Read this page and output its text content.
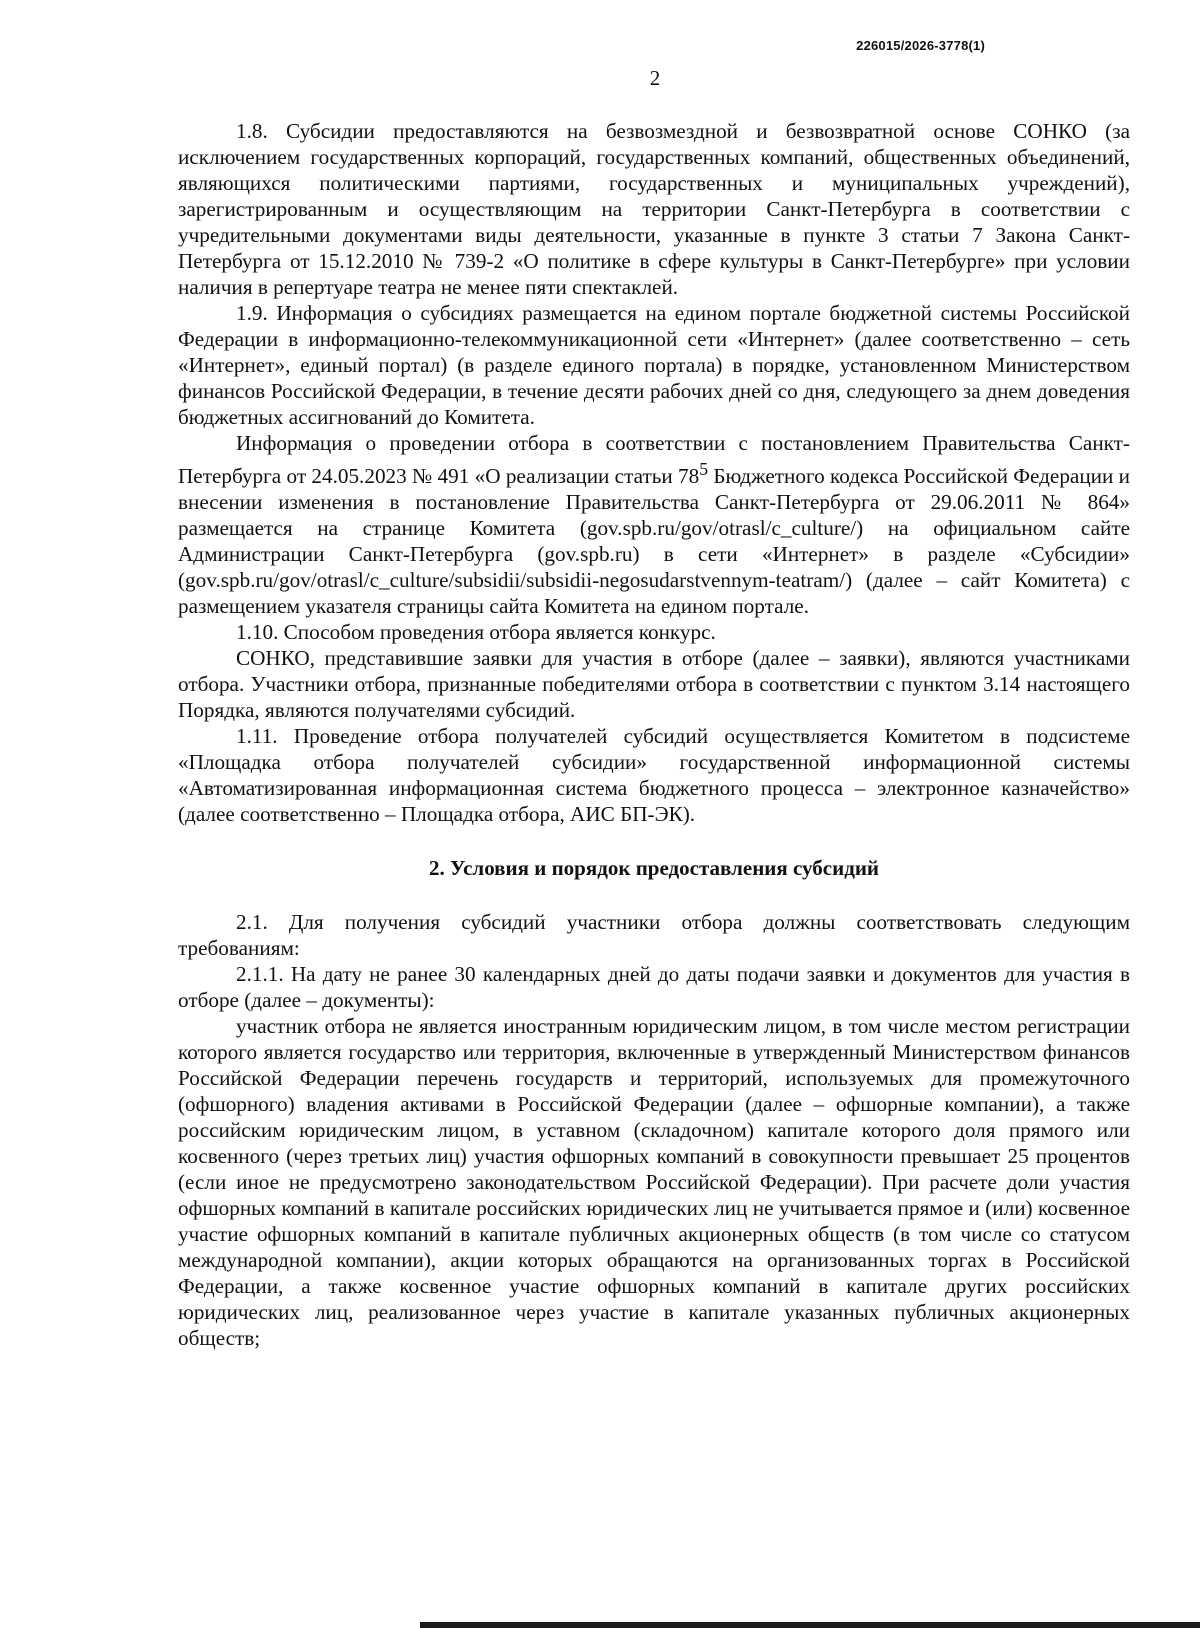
226015/2026-3778(1)
2

1.8. Субсидии предоставляются на безвозмездной и безвозвратной основе СОНКО (за исключением государственных корпораций, государственных компаний, общественных объединений, являющихся политическими партиями, государственных и муниципальных учреждений), зарегистрированным и осуществляющим на территории Санкт-Петербурга в соответствии с учредительными документами виды деятельности, указанные в пункте 3 статьи 7 Закона Санкт-Петербурга от 15.12.2010 № 739-2 «О политике в сфере культуры в Санкт-Петербурге» при условии наличия в репертуаре театра не менее пяти спектаклей.

1.9. Информация о субсидиях размещается на едином портале бюджетной системы Российской Федерации в информационно-телекоммуникационной сети «Интернет» (далее соответственно – сеть «Интернет», единый портал) (в разделе единого портала) в порядке, установленном Министерством финансов Российской Федерации, в течение десяти рабочих дней со дня, следующего за днем доведения бюджетных ассигнований до Комитета.

Информация о проведении отбора в соответствии с постановлением Правительства Санкт-Петербурга от 24.05.2023 № 491 «О реализации статьи $78^5$ Бюджетного кодекса Российской Федерации и внесении изменения в постановление Правительства Санкт-Петербурга от 29.06.2011 № 864» размещается на странице Комитета (gov.spb.ru/gov/otrasl/c_culture/) на официальном сайте Администрации Санкт-Петербурга (gov.spb.ru) в сети «Интернет» в разделе «Субсидии» (gov.spb.ru/gov/otrasl/c_culture/subsidii/subsidii-negosudarstvennym-teatram/) (далее – сайт Комитета) с размещением указателя страницы сайта Комитета на едином портале.

1.10. Способом проведения отбора является конкурс.

СОНКО, представившие заявки для участия в отборе (далее – заявки), являются участниками отбора. Участники отбора, признанные победителями отбора в соответствии с пунктом 3.14 настоящего Порядка, являются получателями субсидий.

1.11. Проведение отбора получателей субсидий осуществляется Комитетом в подсистеме «Площадка отбора получателей субсидии» государственной информационной системы «Автоматизированная информационная система бюджетного процесса – электронное казначейство» (далее соответственно – Площадка отбора, АИС БП-ЭК).

2. Условия и порядок предоставления субсидий

2.1. Для получения субсидий участники отбора должны соответствовать следующим требованиям:

2.1.1. На дату не ранее 30 календарных дней до даты подачи заявки и документов для участия в отборе (далее – документы):

участник отбора не является иностранным юридическим лицом, в том числе местом регистрации которого является государство или территория, включенные в утвержденный Министерством финансов Российской Федерации перечень государств и территорий, используемых для промежуточного (офшорного) владения активами в Российской Федерации (далее – офшорные компании), а также российским юридическим лицом, в уставном (складочном) капитале которого доля прямого или косвенного (через третьих лиц) участия офшорных компаний в совокупности превышает 25 процентов (если иное не предусмотрено законодательством Российской Федерации). При расчете доли участия офшорных компаний в капитале российских юридических лиц не учитывается прямое и (или) косвенное участие офшорных компаний в капитале публичных акционерных обществ (в том числе со статусом международной компании), акции которых обращаются на организованных торгах в Российской Федерации, а также косвенное участие офшорных компаний в капитале других российских юридических лиц, реализованное через участие в капитале указанных публичных акционерных обществ;
